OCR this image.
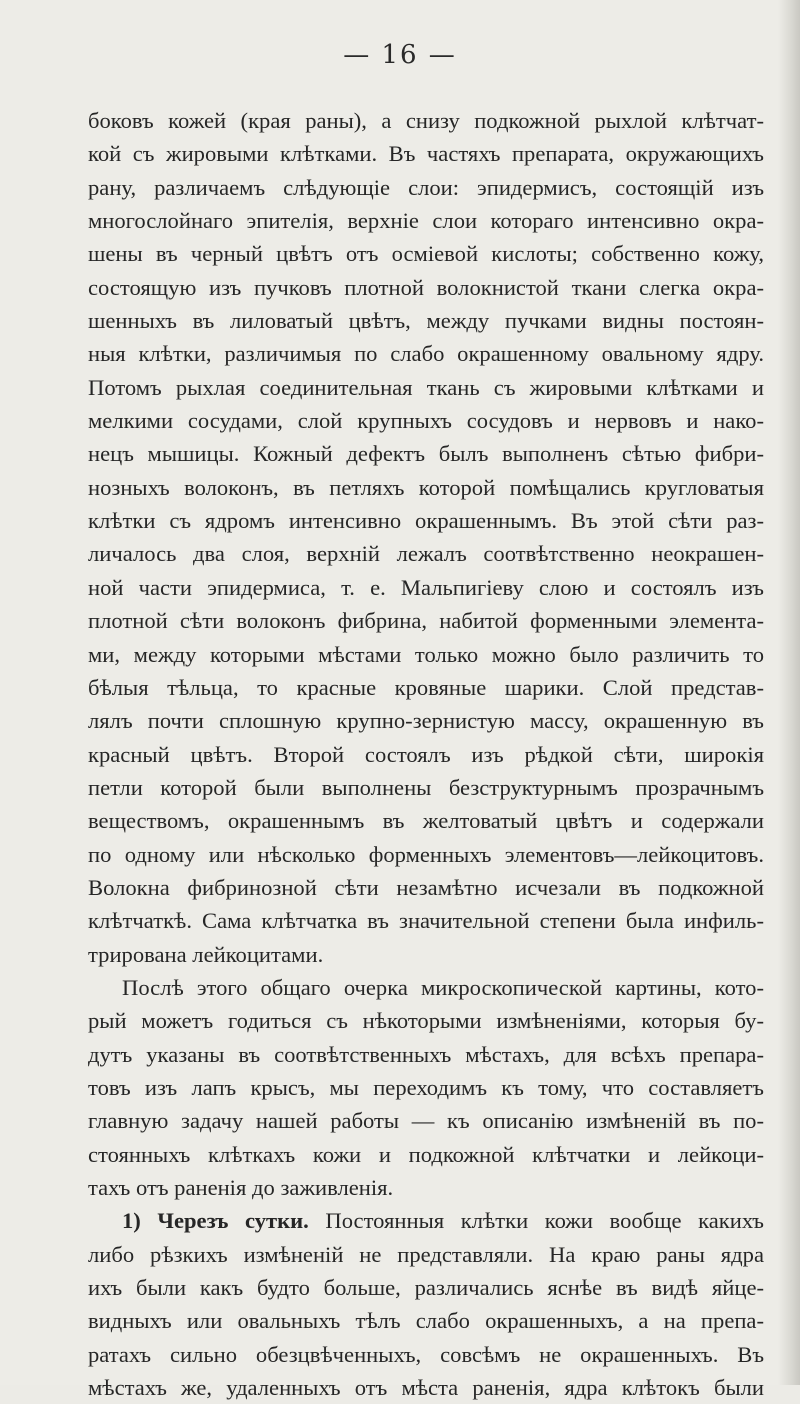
— 16 —
боковъ кожей (края раны), а снизу подкожной рыхлой клѣтчат-
кой съ жировыми клѣтками. Въ частяхъ препарата, окружающихъ
рану, различаемъ слѣдующіе слои: эпидермисъ, состоящій изъ
многослойнаго эпителія, верхніе слои котораго интенсивно окра-
шены въ черный цвѣтъ отъ осміевой кислоты; собственно кожу,
состоящую изъ пучковъ плотной волокнистой ткани слегка окра-
шенныхъ въ лиловатый цвѣтъ, между пучками видны постоян-
ныя клѣтки, различимыя по слабо окрашенному овальному ядру.
Потомъ рыхлая соединительная ткань съ жировыми клѣтками и
мелкими сосудами, слой крупныхъ сосудовъ и нервовъ и нако-
нецъ мышицы. Кожный дефектъ былъ выполненъ сѣтью фибри-
нозныхъ волоконъ, въ петляхъ которой помѣщались кругловатыя
клѣтки съ ядромъ интенсивно окрашеннымъ. Въ этой сѣти раз-
личалось два слоя, верхній лежалъ соотвѣтственно неокрашен-
ной части эпидермиса, т. е. Мальпигіеву слою и состоялъ изъ
плотной сѣти волоконъ фибрина, набитой форменными элемента-
ми, между которыми мѣстами только можно было различить то
бѣлыя тѣльца, то красные кровяные шарики. Слой представ-
лялъ почти сплошную крупно-зернистую массу, окрашенную въ
красный цвѣтъ. Второй состоялъ изъ рѣдкой сѣти, широкія
петли которой были выполнены безструктурнымъ прозрачнымъ
веществомъ, окрашеннымъ въ желтоватый цвѣтъ и содержали
по одному или нѣсколько форменныхъ элементовъ—лейкоцитовъ.
Волокна фибринозной сѣти незамѣтно исчезали въ подкожной
клѣтчаткѣ. Сама клѣтчатка въ значительной степени была инфиль-
трирована лейкоцитами.
Послѣ этого общаго очерка микроскопической картины, кото-
рый можетъ годиться съ нѣкоторыми измѣненіями, которыя бу-
дутъ указаны въ соотвѣтственныхъ мѣстахъ, для всѣхъ препара-
товъ изъ лапъ крысъ, мы переходимъ къ тому, что составляетъ
главную задачу нашей работы — къ описанію измѣненій въ по-
стоянныхъ клѣткахъ кожи и подкожной клѣтчатки и лейкоци-
тахъ отъ раненія до заживленія.
1) Черезъ сутки. Постоянныя клѣтки кожи вообще какихъ
либо рѣзкихъ измѣненій не представляли. На краю раны ядра
ихъ были какъ будто больше, различались яснѣе въ видѣ яйце-
видныхъ или овальныхъ тѣлъ слабо окрашенныхъ, а на препа-
ратахъ сильно обезцвѣченныхъ, совсѣмъ не окрашенныхъ. Въ
мѣстахъ же, удаленныхъ отъ мѣста раненія, ядра клѣтокъ были
